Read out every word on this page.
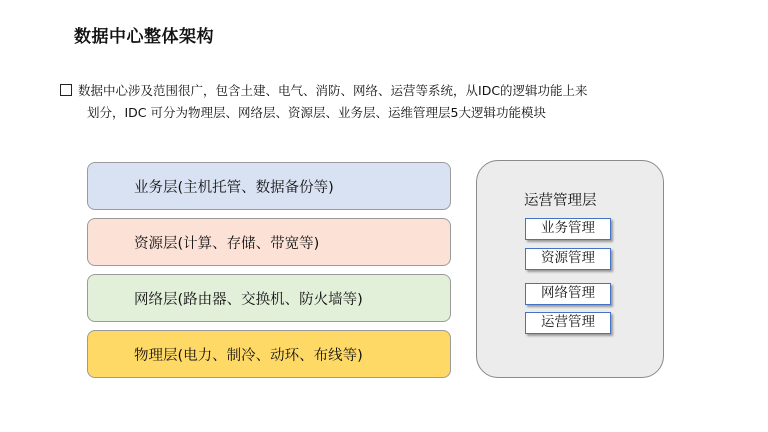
数据中心整体架构
数据中心涉及范围很广，包含土建、电气、消防、网络、运营等系统，从IDC的逻辑功能上来
划分，IDC 可分为物理层、网络层、资源层、业务层、运维管理层5大逻辑功能模块
业务层(主机托管、数据备份等)
资源层(计算、存储、带宽等)
网络层(路由器、交换机、防火墙等)
物理层(电力、制冷、动环、布线等)
运营管理层
业务管理
资源管理
网络管理
运营管理
